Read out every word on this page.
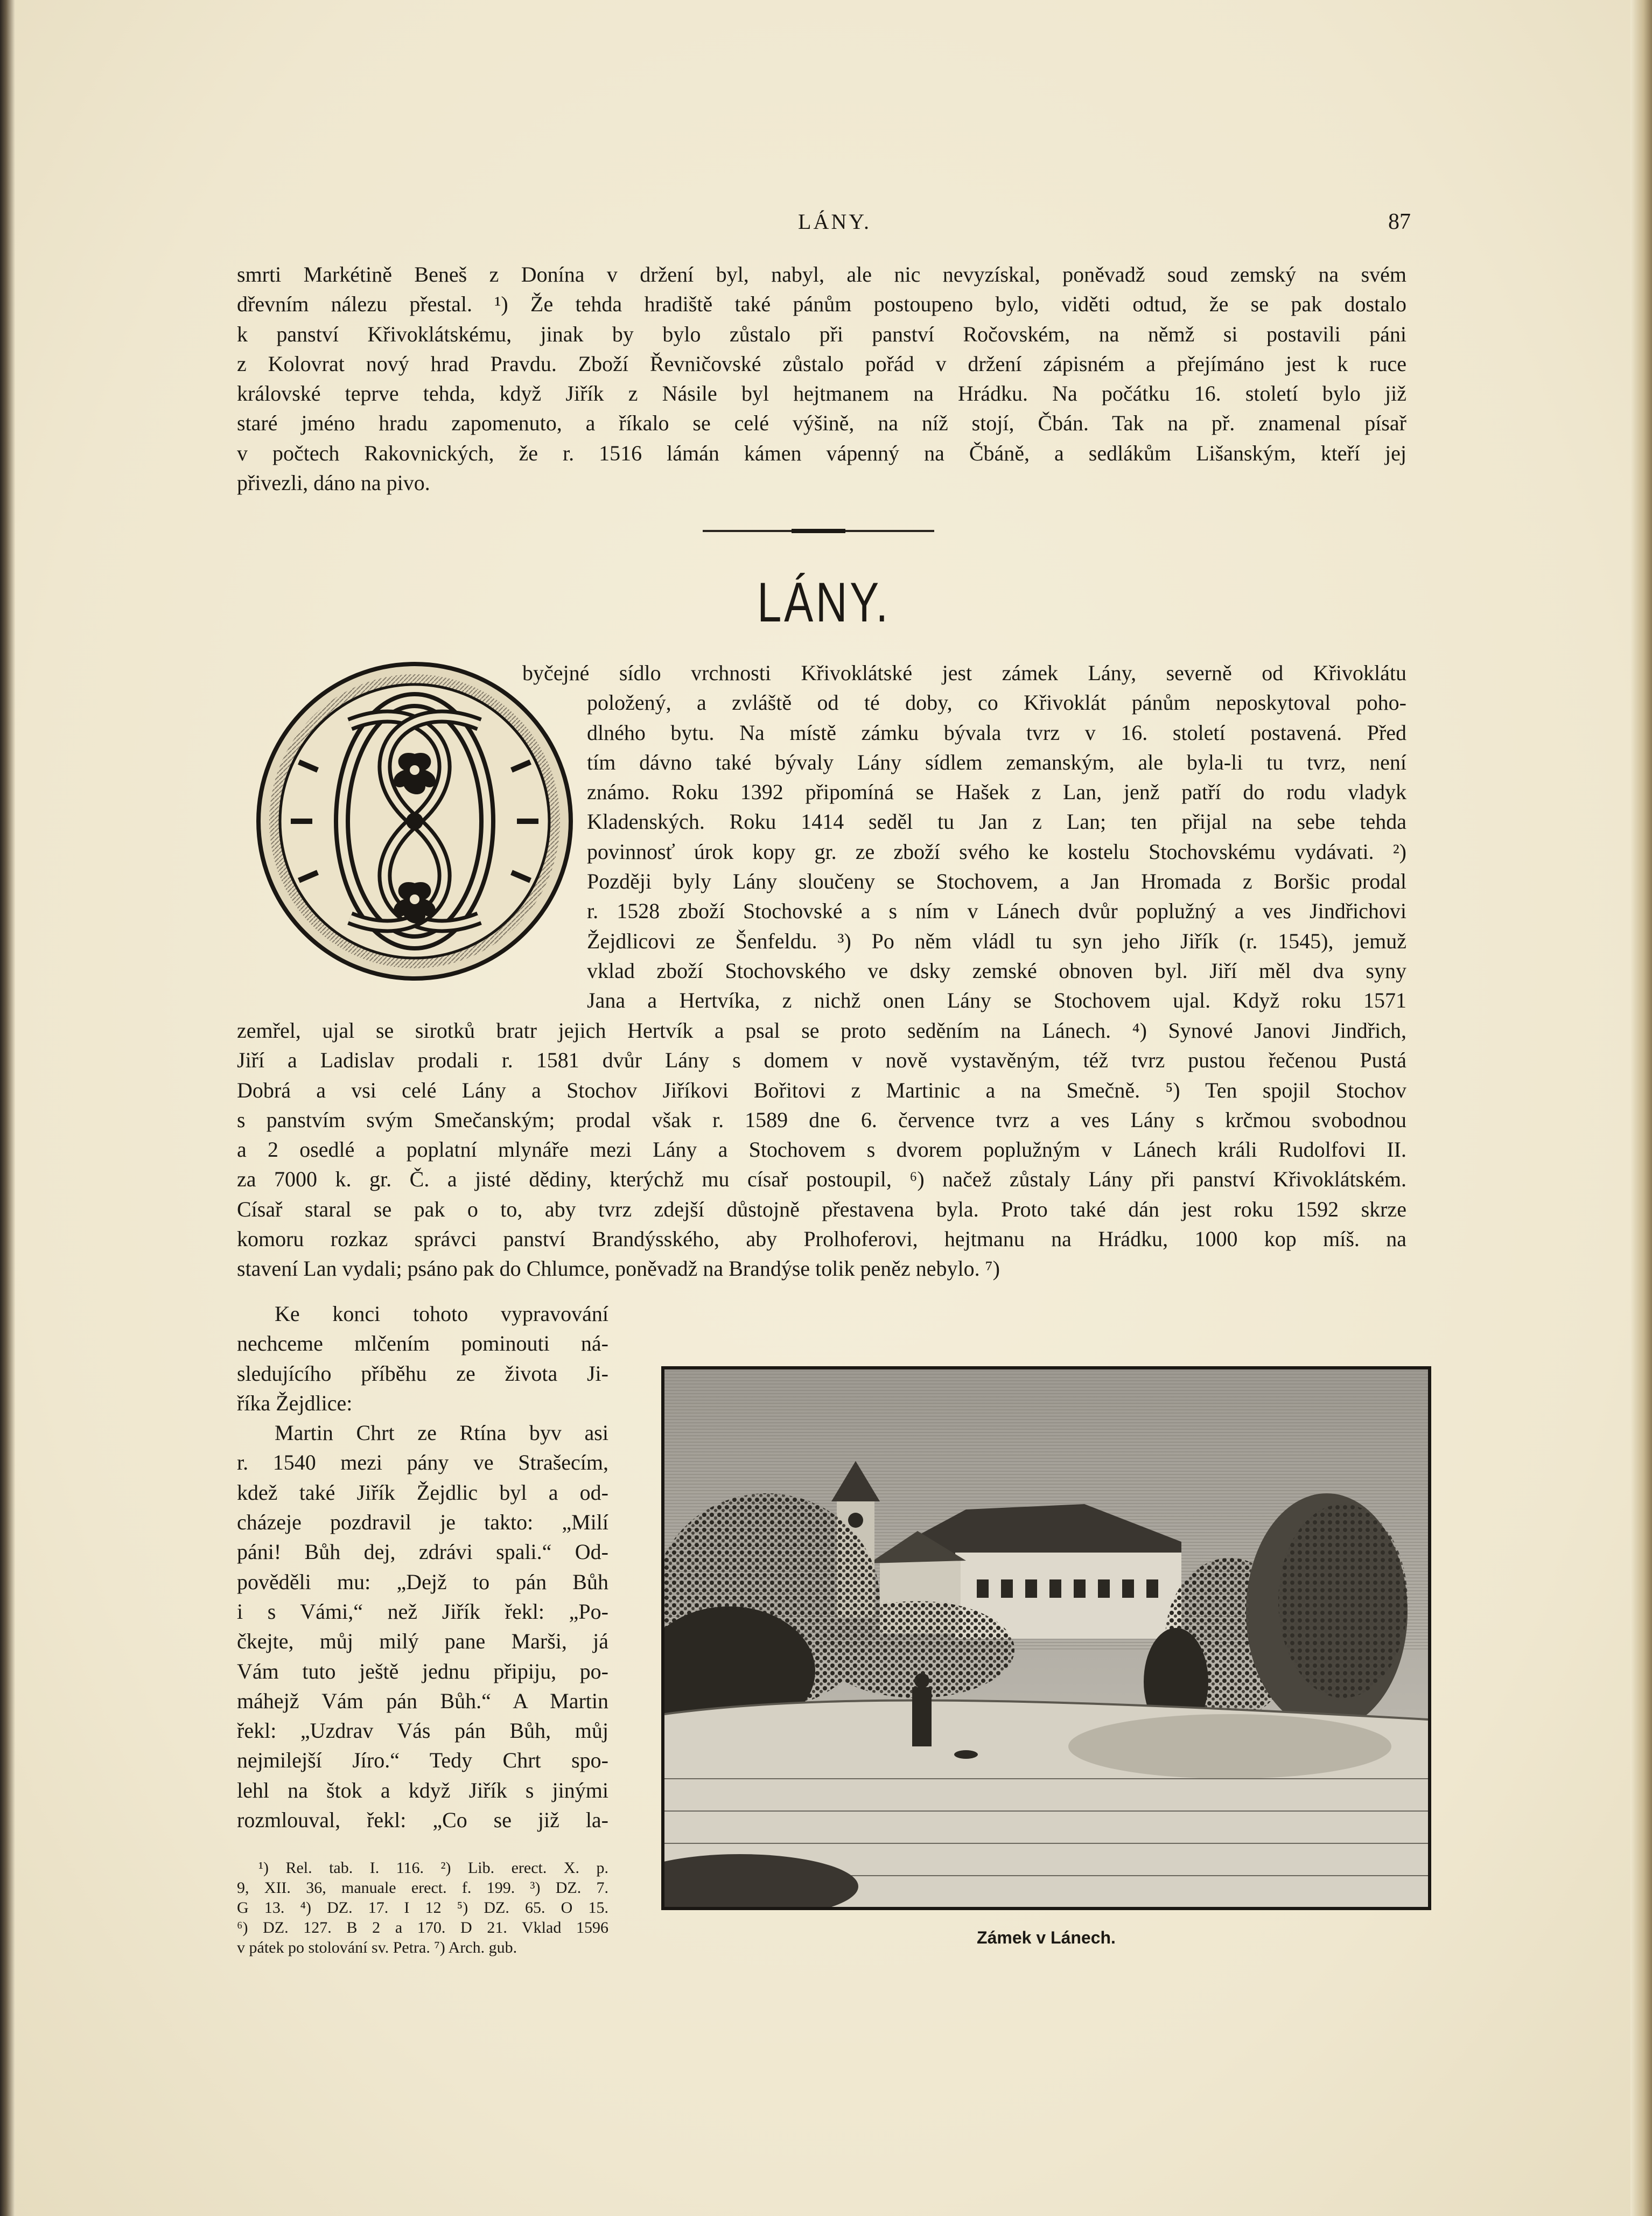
LÁNY.	87
smrti Markétině Beneš z Donína v držení byl, nabyl, ale nic nevyzískal, poněvadž soud zemský na svém
dřevním nálezu přestal. ¹) Že tehda hradiště také pánům postoupeno bylo, viděti odtud, že se pak dostalo
k panství Křivoklátskému, jinak by bylo zůstalo při panství Ročovském, na němž si postavili páni
z Kolovrat nový hrad Pravdu. Zboží Řevničovské zůstalo pořád v držení zápisném a přejímáno jest k ruce
královské teprve tehda, když Jiřík z Násile byl hejtmanem na Hrádku. Na počátku 16. století bylo již
staré jméno hradu zapomenuto, a říkalo se celé výšině, na níž stojí, Čbán. Tak na př. znamenal písař
v počtech Rakovnických, že r. 1516 lámán kámen vápenný na Čbáně, a sedlákům Lišanským, kteří jej
přivezli, dáno na pivo.
LÁNY.
byčejné sídlo vrchnosti Křivoklátské jest zámek Lány, severně od Křivoklátu
položený, a zvláště od té doby, co Křivoklát pánům neposkytoval poho-
dlného bytu. Na místě zámku bývala tvrz v 16. století postavená. Před
tím dávno také bývaly Lány sídlem zemanským, ale byla-li tu tvrz, není
známo. Roku 1392 připomíná se Hašek z Lan, jenž patří do rodu vladyk
Kladenských. Roku 1414 seděl tu Jan z Lan; ten přijal na sebe tehda
povinnosť úrok kopy gr. ze zboží svého ke kostelu Stochovskému vydávati. ²)
Později byly Lány sloučeny se Stochovem, a Jan Hromada z Boršic prodal
r. 1528 zboží Stochovské a s ním v Lánech dvůr poplužný a ves Jindřichovi
Žejdlicovi ze Šenfeldu. ³) Po něm vládl tu syn jeho Jiřík (r. 1545), jemuž
vklad zboží Stochovského ve dsky zemské obnoven byl. Jiří měl dva syny
Jana a Hertvíka, z nichž onen Lány se Stochovem ujal. Když roku 1571
zemřel, ujal se sirotků bratr jejich Hertvík a psal se proto seděním na Lánech. ⁴) Synové Janovi Jindřich,
Jiří a Ladislav prodali r. 1581 dvůr Lány s domem v nově vystavěným, též tvrz pustou řečenou Pustá
Dobrá a vsi celé Lány a Stochov Jiříkovi Bořitovi z Martinic a na Smečně. ⁵) Ten spojil Stochov
s panstvím svým Smečanským; prodal však r. 1589 dne 6. července tvrz a ves Lány s krčmou svobodnou
a 2 osedlé a poplatní mlynáře mezi Lány a Stochovem s dvorem poplužným v Lánech králi Rudolfovi II.
za 7000 k. gr. Č. a jisté dědiny, kterýchž mu císař postoupil, ⁶) načež zůstaly Lány při panství Křivoklátském.
Císař staral se pak o to, aby tvrz zdejší důstojně přestavena byla. Proto také dán jest roku 1592 skrze
komoru rozkaz správci panství Brandýsského, aby Prolhoferovi, hejtmanu na Hrádku, 1000 kop míš. na
stavení Lan vydali; psáno pak do Chlumce, poněvadž na Brandýse tolik peněz nebylo. ⁷)
Ke konci tohoto vypravování
nechceme mlčením pominouti ná-
sledujícího příběhu ze života Ji-
říka Žejdlice:
Martin Chrt ze Rtína byv asi
r. 1540 mezi pány ve Strašecím,
kdež také Jiřík Žejdlic byl a od-
cházeje pozdravil je takto: „Milí
páni! Bůh dej, zdrávi spali.“ Od-
pověděli mu: „Dejž to pán Bůh
i s Vámi,“ než Jiřík řekl: „Po-
čkejte, můj milý pane Marši, já
Vám tuto ještě jednu připiju, po-
máhejž Vám pán Bůh.“ A Martin
řekl: „Uzdrav Vás pán Bůh, můj
nejmilejší Jíro.“ Tedy Chrt spo-
lehl na štok a když Jiřík s jinými
rozmlouval, řekl: „Co se již la-
¹) Rel. tab. I. 116. ²) Lib. erect. X. p.
9, XII. 36, manuale erect. f. 199. ³) DZ. 7.
G 13. ⁴) DZ. 17. I 12 ⁵) DZ. 65. O 15.
⁶) DZ. 127. B 2 a 170. D 21. Vklad 1596
v pátek po stolování sv. Petra. ⁷) Arch. gub.
Zámek v Lánech.
